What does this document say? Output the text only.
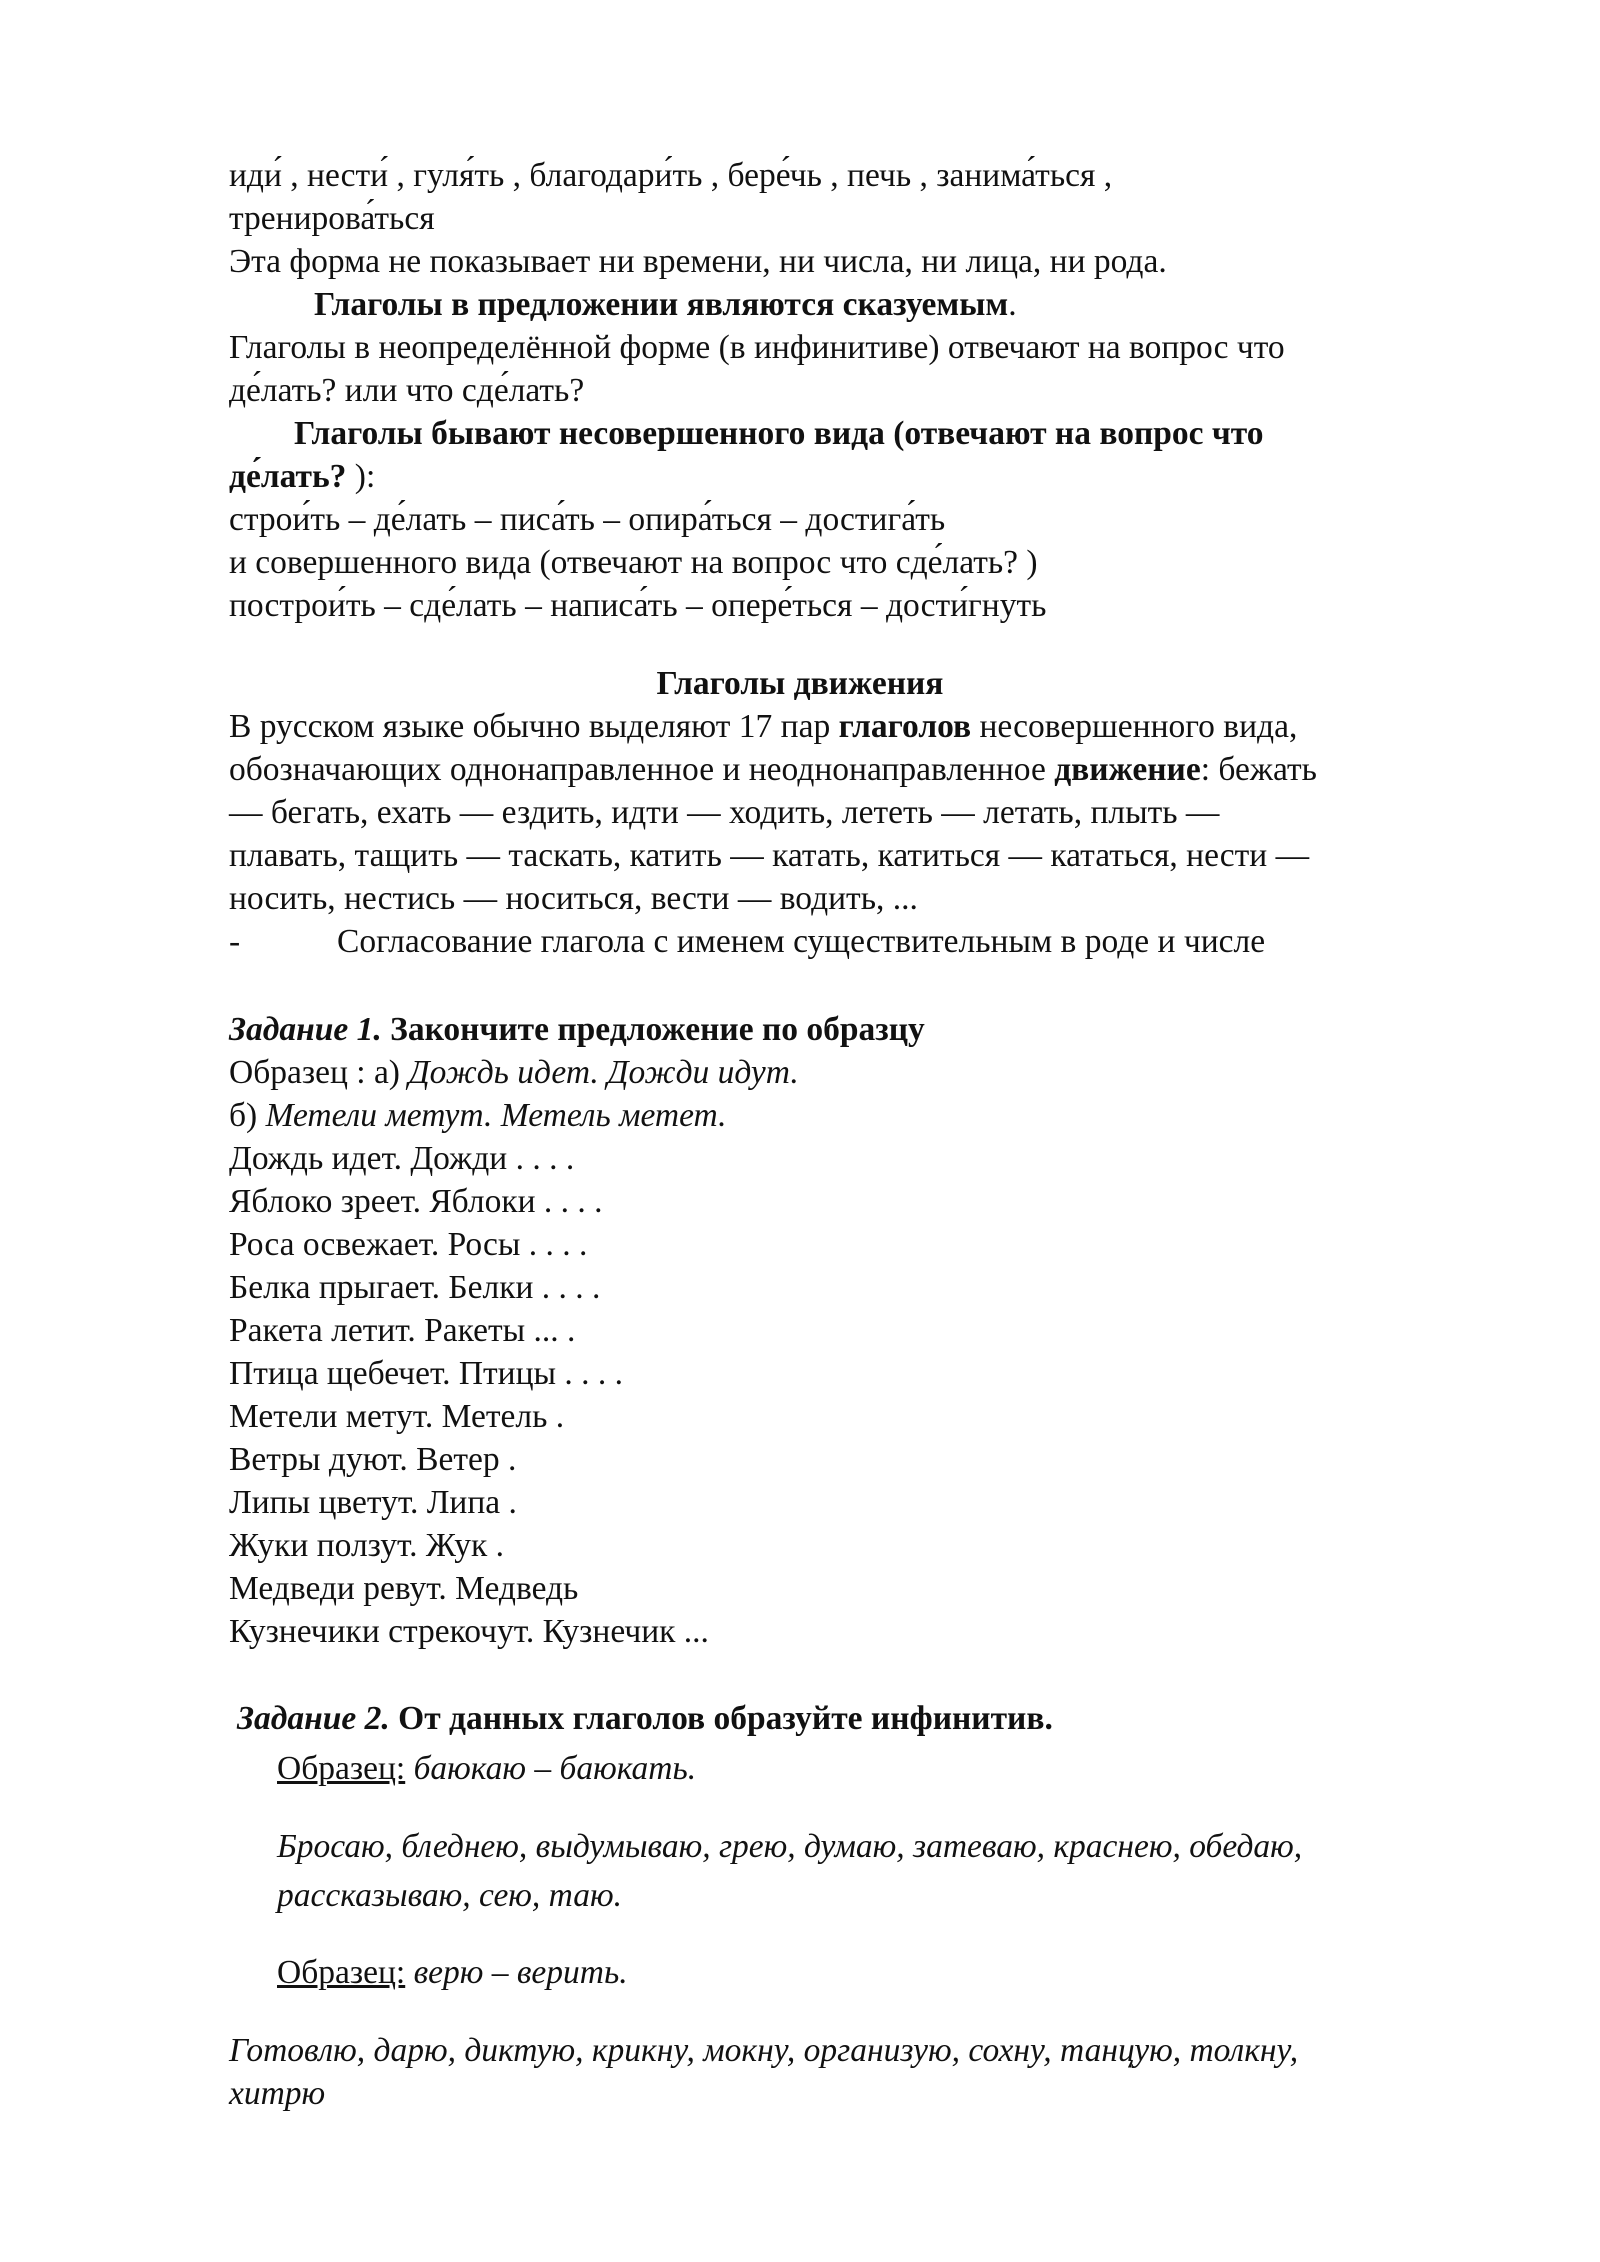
иди́ , нести́ , гуля́ть , благодари́ть , бере́чь , печь , занима́ться ,
тренирова́ться
Эта форма не показывает ни времени, ни числа, ни лица, ни рода.
Глаголы в предложении являются сказуемым.
Глаголы в неопределённой форме (в инфинитиве) отвечают на вопрос что
де́лать? или что сде́лать?
Глаголы бывают несовершенного вида (отвечают на вопрос что
де́лать? ):
строи́ть – де́лать – писа́ть – опира́ться – достига́ть
и совершенного вида (отвечают на вопрос что сде́лать? )
построи́ть – сде́лать – написа́ть – опере́ться – дости́гнуть
Глаголы движения
В русском языке обычно выделяют 17 пар глаголов несовершенного вида,
обозначающих однонаправленное и неоднонаправленное движение: бежать
— бегать, ехать — ездить, идти — ходить, лететь — летать, плыть —
плавать, тащить — таскать, катить — катать, катиться — кататься, нести —
носить, нестись — носиться, вести — водить, ...
-	Согласование глагола с именем существительным в роде и числе
Задание 1. Закончите предложение по образцу
Образец : а) Дождь идет. Дожди идут.
б) Метели метут. Метель метет.
Дождь идет. Дожди . . . .
Яблоко зреет. Яблоки . . . .
Роса освежает. Росы . . . .
Белка прыгает. Белки . . . .
Ракета летит. Ракеты ... .
Птица щебечет. Птицы . . . .
Метели метут. Метель .
Ветры дуют. Ветер .
Липы цветут. Липа .
Жуки ползут. Жук .
Медведи ревут. Медведь
Кузнечики стрекочут. Кузнечик ...
Задание 2. От данных глаголов образуйте инфинитив.
Образец: баюкаю – баюкать.
Бросаю, бледнею, выдумываю, грею, думаю, затеваю, краснею, обедаю,
рассказываю, сею, таю.
Образец: верю – верить.
Готовлю, дарю, диктую, крикну, мокну, организую, сохну, танцую, толкну,
хитрю
